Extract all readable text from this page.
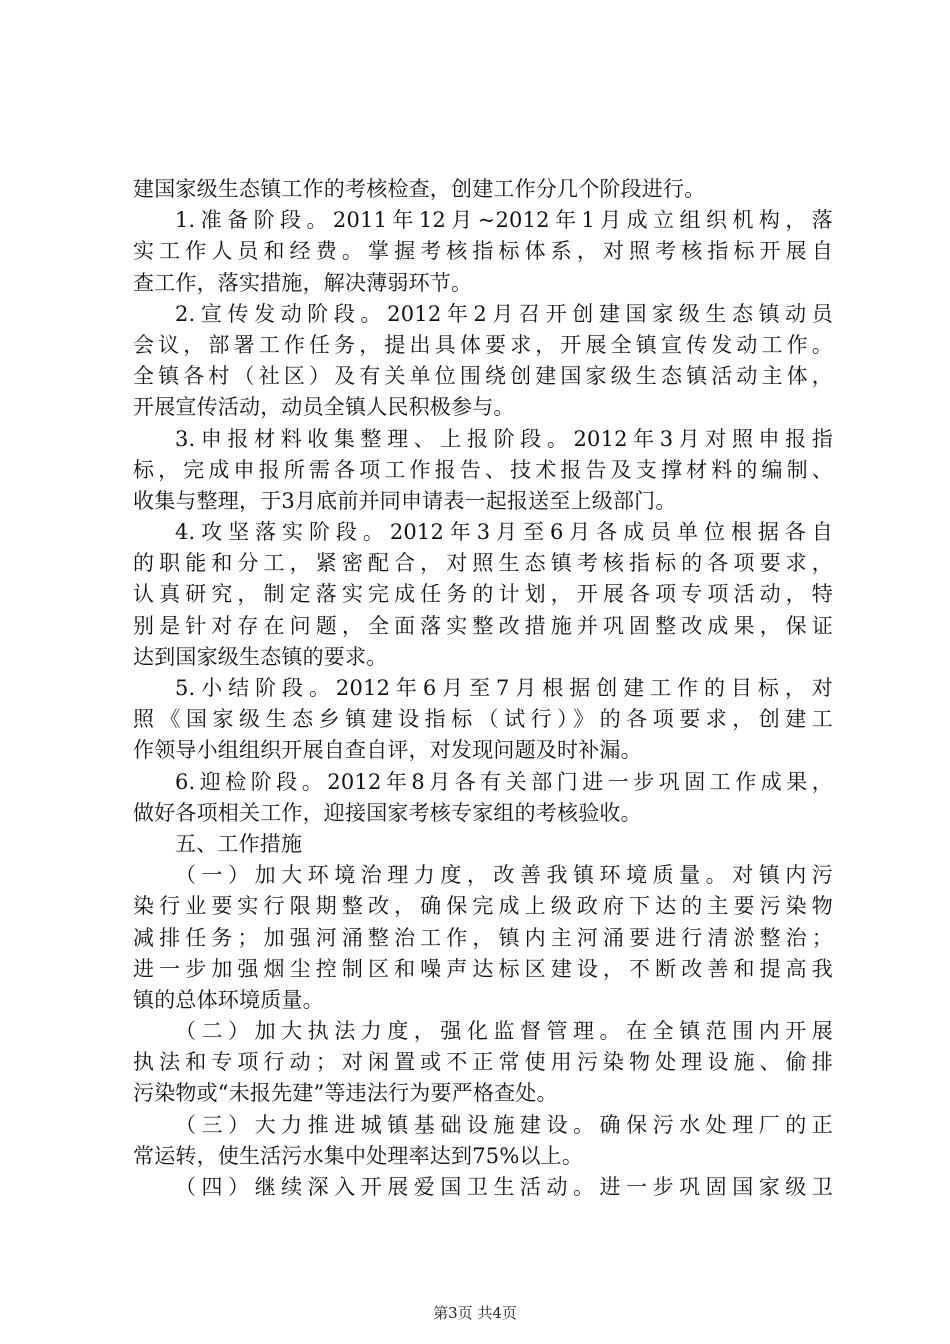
建国家级生态镇工作的考核检查，创建工作分几个阶段进行。
1.准备阶段。2011年12月~2012年1月成立组织机构，落
实工作人员和经费。掌握考核指标体系，对照考核指标开展自
查工作，落实措施，解决薄弱环节。
2.宣传发动阶段。2012年2月召开创建国家级生态镇动员
会议，部署工作任务，提出具体要求，开展全镇宣传发动工作。
全镇各村（社区）及有关单位围绕创建国家级生态镇活动主体，
开展宣传活动，动员全镇人民积极参与。
3.申报材料收集整理、上报阶段。2012年3月对照申报指
标，完成申报所需各项工作报告、技术报告及支撑材料的编制、
收集与整理，于3月底前并同申请表一起报送至上级部门。
4.攻坚落实阶段。2012年3月至6月各成员单位根据各自
的职能和分工，紧密配合，对照生态镇考核指标的各项要求，
认真研究，制定落实完成任务的计划，开展各项专项活动，特
别是针对存在问题，全面落实整改措施并巩固整改成果，保证
达到国家级生态镇的要求。
5.小结阶段。2012年6月至7月根据创建工作的目标，对
照《国家级生态乡镇建设指标（试行）》的各项要求，创建工
作领导小组组织开展自查自评，对发现问题及时补漏。
6.迎检阶段。2012年8月各有关部门进一步巩固工作成果，
做好各项相关工作，迎接国家考核专家组的考核验收。
五、工作措施
（一）加大环境治理力度，改善我镇环境质量。对镇内污
染行业要实行限期整改，确保完成上级政府下达的主要污染物
减排任务；加强河涌整治工作，镇内主河涌要进行清淤整治；
进一步加强烟尘控制区和噪声达标区建设，不断改善和提高我
镇的总体环境质量。
（二）加大执法力度，强化监督管理。在全镇范围内开展
执法和专项行动；对闲置或不正常使用污染物处理设施、偷排
污染物或“未报先建”等违法行为要严格查处。
（三）大力推进城镇基础设施建设。确保污水处理厂的正
常运转，使生活污水集中处理率达到75%以上。
（四）继续深入开展爱国卫生活动。进一步巩固国家级卫
第3页 共4页
